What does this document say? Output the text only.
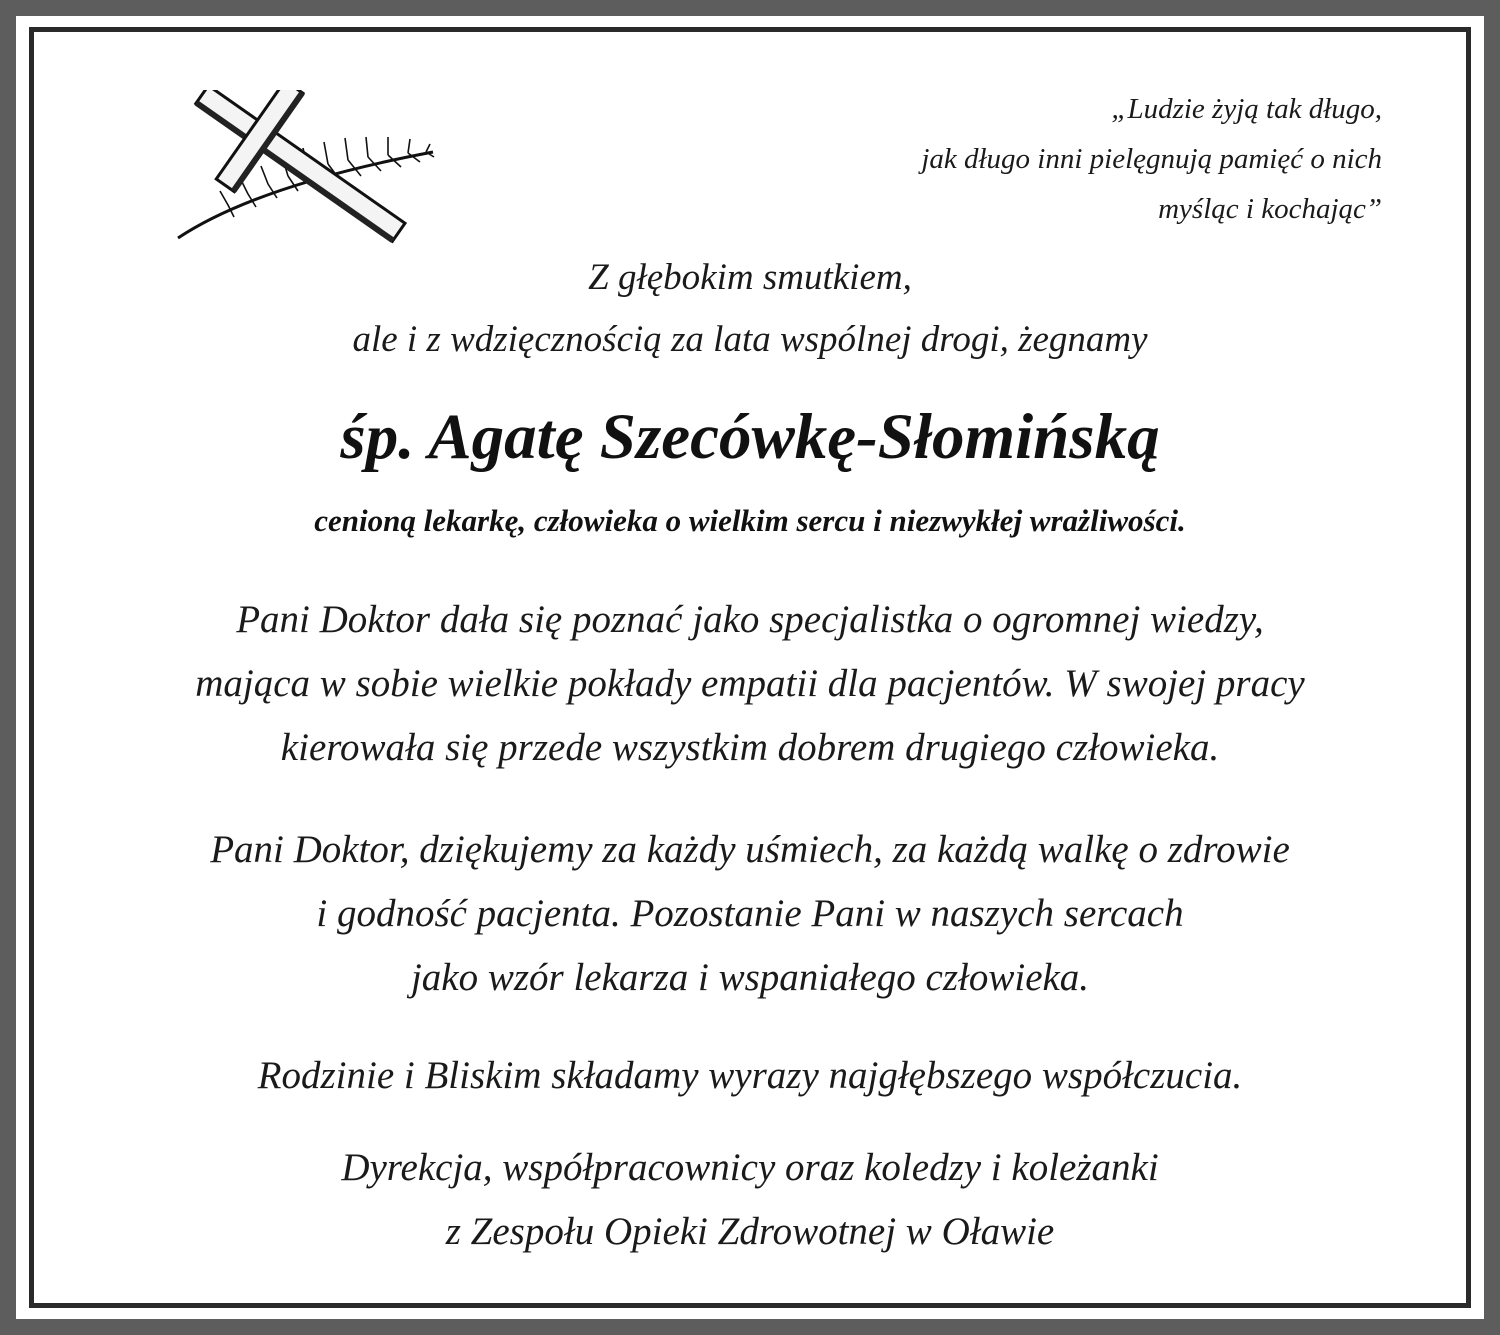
„Ludzie żyją tak długo,
jak długo inni pielęgnują pamięć o nich
myśląc i kochając”
Z głębokim smutkiem,
ale i z wdzięcznością za lata wspólnej drogi, żegnamy
śp. Agatę Szecówkę-Słomińską
cenioną lekarkę, człowieka o wielkim sercu i niezwykłej wrażliwości.
Pani Doktor dała się poznać jako specjalistka o ogromnej wiedzy,
mająca w sobie wielkie pokłady empatii dla pacjentów. W swojej pracy
kierowała się przede wszystkim dobrem drugiego człowieka.
Pani Doktor, dziękujemy za każdy uśmiech, za każdą walkę o zdrowie
i godność pacjenta. Pozostanie Pani w naszych sercach
jako wzór lekarza i wspaniałego człowieka.
Rodzinie i Bliskim składamy wyrazy najgłębszego współczucia.
Dyrekcja, współpracownicy oraz koledzy i koleżanki
z Zespołu Opieki Zdrowotnej w Oławie
